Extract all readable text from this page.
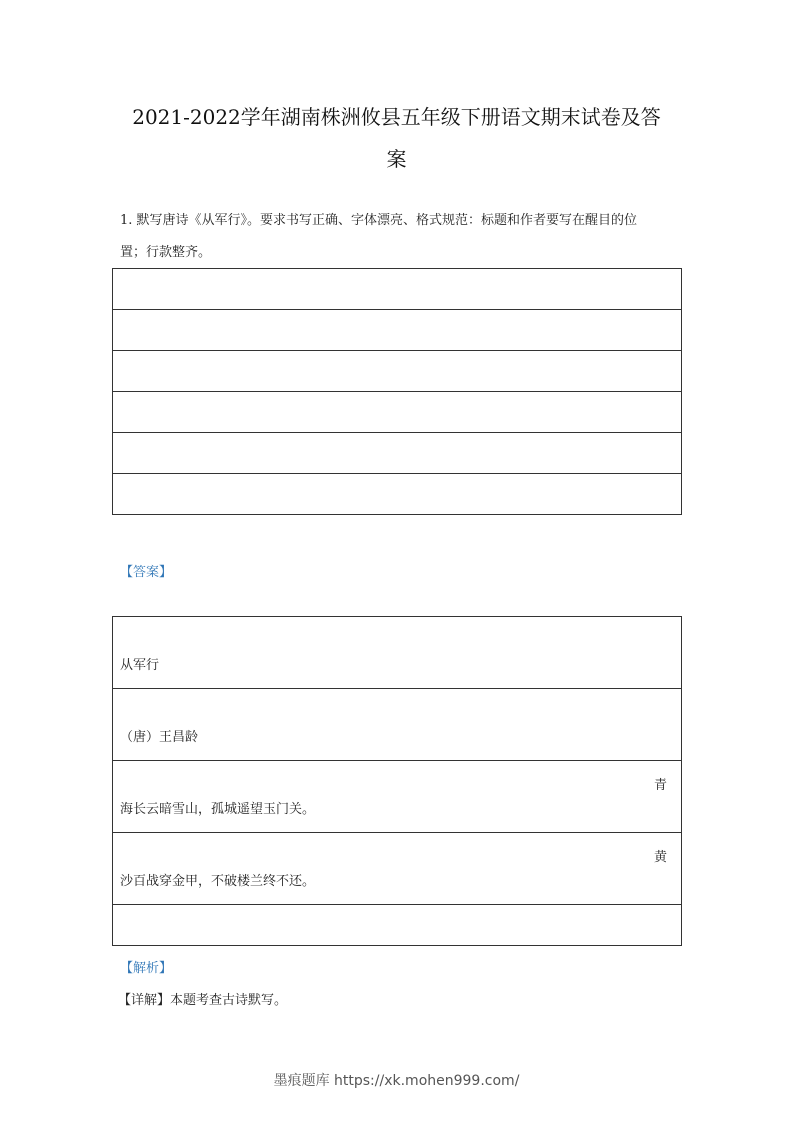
2021-2022学年湖南株洲攸县五年级下册语文期末试卷及答
案
1. 默写唐诗《从军行》。要求书写正确、字体漂亮、格式规范：标题和作者要写在醒目的位
置；行款整齐。

【答案】
从军行

（唐）王昌龄

青
海长云暗雪山，孤城遥望玉门关。

黄
沙百战穿金甲，不破楼兰终不还。

【解析】
【详解】本题考查古诗默写。
墨痕题库 https://xk.mohen999.com/
